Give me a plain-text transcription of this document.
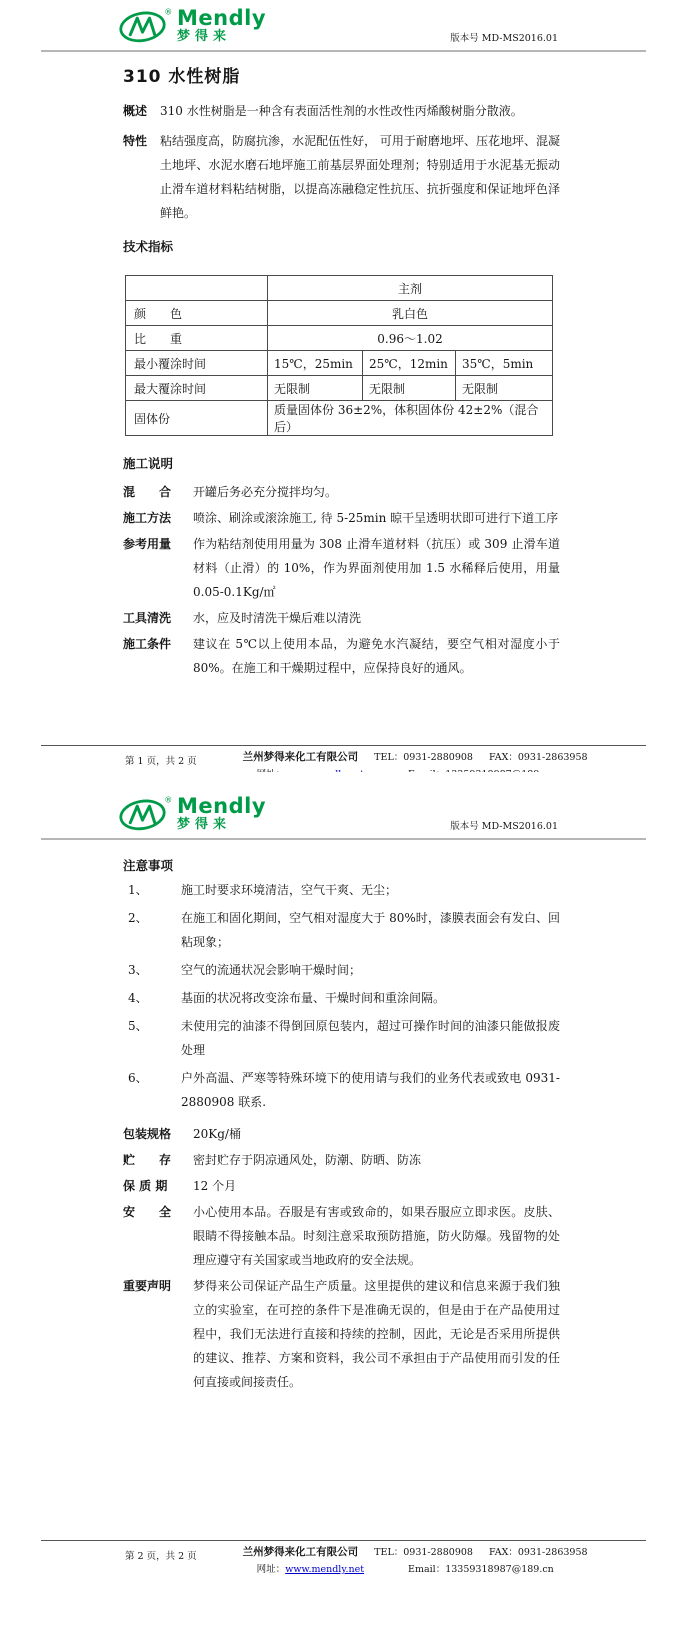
® Mendly
梦得来	版本号 MD-MS2016.01
310 水性树脂
概述	310 水性树脂是一种含有表面活性剂的水性改性丙烯酸树脂分散液。
特性	粘结强度高，防腐抗渗，水泥配伍性好， 可用于耐磨地坪、压花地坪、混凝土地坪、水泥水磨石地坪施工前基层界面处理剂；特别适用于水泥基无振动止滑车道材料粘结树脂，以提高冻融稳定性抗压、抗折强度和保证地坪色泽鲜艳。
技术指标
	主剂		
颜　　色	乳白色		
比　　重	0.96～1.02		
最小覆涂时间	15℃，25min	25℃，12min	35℃，5min
最大覆涂时间	无限制	无限制	无限制
固体份	质量固体份 36±2%，体积固体份 42±2%（混合后）		
施工说明
混　　合	开罐后务必充分搅拌均匀。
施工方法	喷涂、刷涂或滚涂施工, 待 5-25min 晾干呈透明状即可进行下道工序
参考用量	作为粘结剂使用用量为 308 止滑车道材料（抗压）或 309 止滑车道材料（止滑）的 10%，作为界面剂使用加 1.5 水稀释后使用，用量 0.05-0.1Kg/㎡
工具清洗	水，应及时清洗干燥后难以清洗
施工条件	建议在 5℃以上使用本品，为避免水汽凝结，要空气相对湿度小于 80%。在施工和干燥期过程中，应保持良好的通风。
第 1 页，共 2 页	兰州梦得来化工有限公司 TEL：0931-2880908 FAX：0931-2863958
® Mendly
梦得来	版本号 MD-MS2016.01
注意事项
1、	施工时要求环境清洁，空气干爽、无尘；
2、	在施工和固化期间，空气相对湿度大于 80%时，漆膜表面会有发白、回粘现象；
3、	空气的流通状况会影响干燥时间；
4、	基面的状况将改变涂布量、干燥时间和重涂间隔。
5、	未使用完的油漆不得倒回原包装内，超过可操作时间的油漆只能做报废处理
6、	户外高温、严寒等特殊环境下的使用请与我们的业务代表或致电 0931-2880908 联系.
包装规格	20Kg/桶
贮　　存	密封贮存于阴凉通风处，防潮、防晒、防冻
保 质 期	12 个月
安　　全	小心使用本品。吞服是有害或致命的，如果吞服应立即求医。皮肤、眼睛不得接触本品。时刻注意采取预防措施，防火防爆。残留物的处理应遵守有关国家或当地政府的安全法规。
重要声明	梦得来公司保证产品生产质量。这里提供的建议和信息来源于我们独立的实验室，在可控的条件下是准确无误的，但是由于在产品使用过程中，我们无法进行直接和持续的控制，因此，无论是否采用所提供的建议、推荐、方案和资料，我公司不承担由于产品使用而引发的任何直接或间接责任。
第 2 页，共 2 页	兰州梦得来化工有限公司 TEL：0931-2880908 FAX：0931-2863958
网址：www.mendly.net	Email：13359318987@189.cn
